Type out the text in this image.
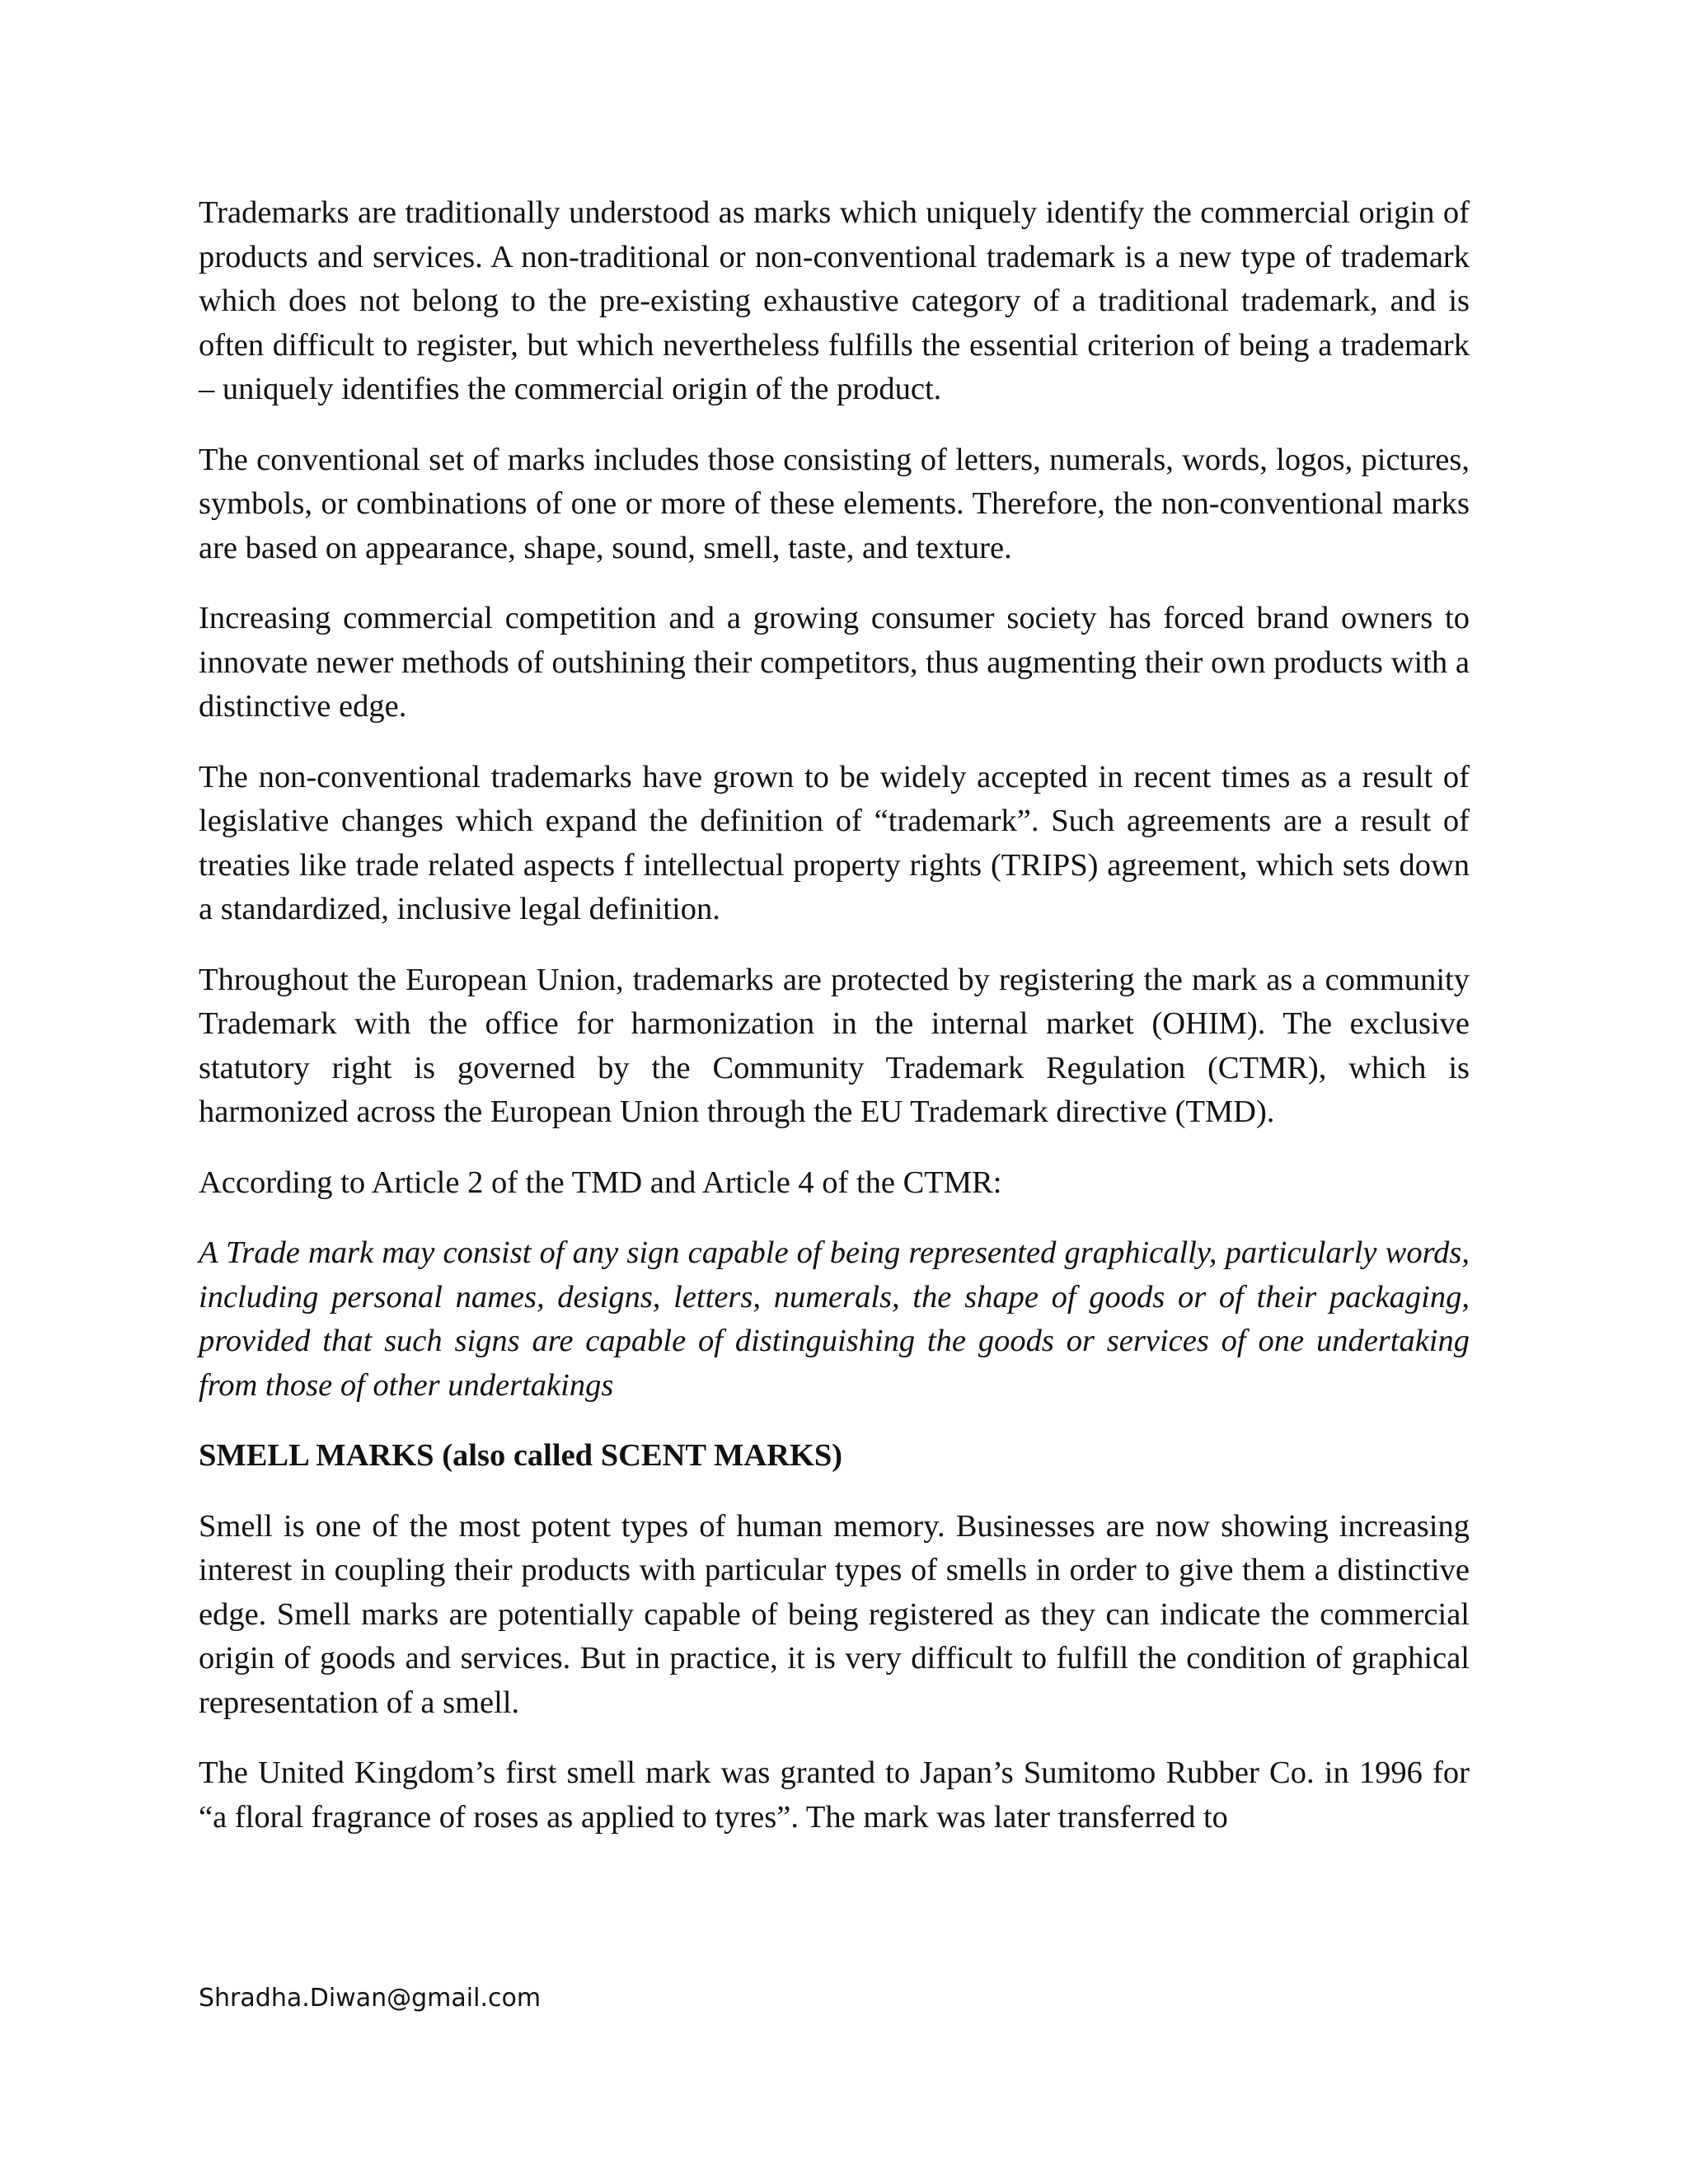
Trademarks are traditionally understood as marks which uniquely identify the commercial origin of products and services. A non-traditional or non-conventional trademark is a new type of trademark which does not belong to the pre-existing exhaustive category of a traditional trademark, and is often difficult to register, but which nevertheless fulfills the essential criterion of being a trademark – uniquely identifies the commercial origin of the product.

The conventional set of marks includes those consisting of letters, numerals, words, logos, pictures, symbols, or combinations of one or more of these elements. Therefore, the non-conventional marks are based on appearance, shape, sound, smell, taste, and texture.

Increasing commercial competition and a growing consumer society has forced brand owners to innovate newer methods of outshining their competitors, thus augmenting their own products with a distinctive edge.

The non-conventional trademarks have grown to be widely accepted in recent times as a result of legislative changes which expand the definition of “trademark”. Such agreements are a result of treaties like trade related aspects f intellectual property rights (TRIPS) agreement, which sets down a standardized, inclusive legal definition.

Throughout the European Union, trademarks are protected by registering the mark as a community Trademark with the office for harmonization in the internal market (OHIM). The exclusive statutory right is governed by the Community Trademark Regulation (CTMR), which is harmonized across the European Union through the EU Trademark directive (TMD).

According to Article 2 of the TMD and Article 4 of the CTMR:

A Trade mark may consist of any sign capable of being represented graphically, particularly words, including personal names, designs, letters, numerals, the shape of goods or of their packaging, provided that such signs are capable of distinguishing the goods or services of one undertaking from those of other undertakings

SMELL MARKS (also called SCENT MARKS)

Smell is one of the most potent types of human memory. Businesses are now showing increasing interest in coupling their products with particular types of smells in order to give them a distinctive edge. Smell marks are potentially capable of being registered as they can indicate the commercial origin of goods and services. But in practice, it is very difficult to fulfill the condition of graphical representation of a smell.

The United Kingdom’s first smell mark was granted to Japan’s Sumitomo Rubber Co. in 1996 for “a floral fragrance of roses as applied to tyres”. The mark was later transferred to

Shradha.Diwan@gmail.com
